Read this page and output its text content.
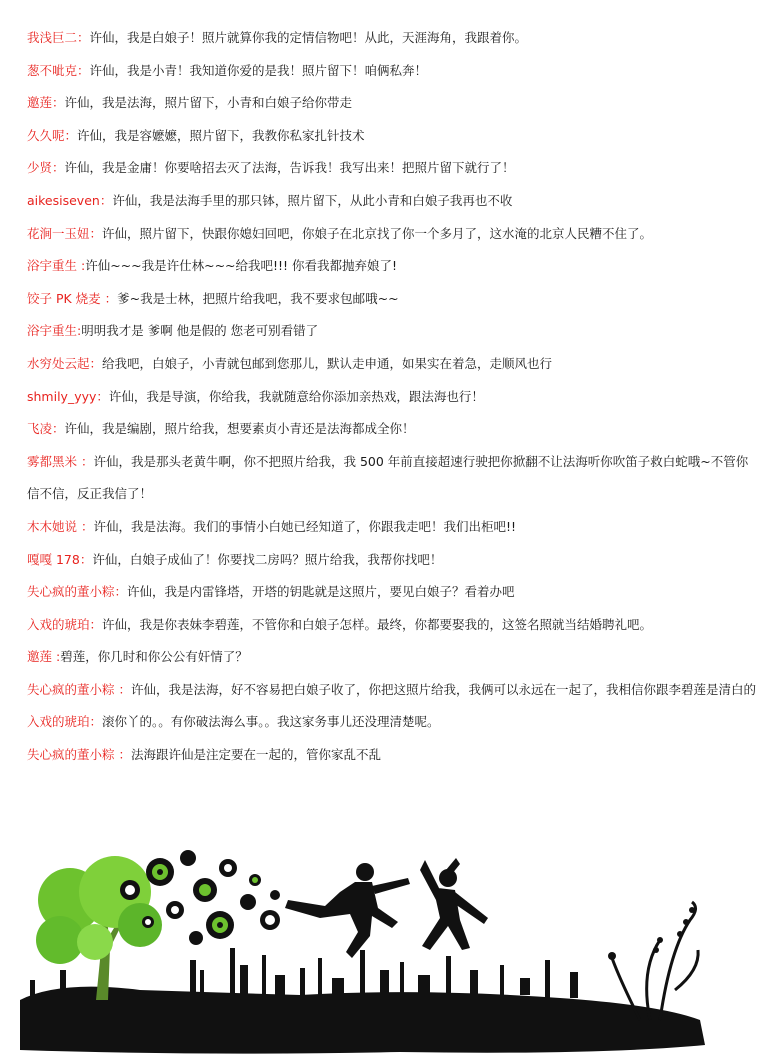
我浅巨二：许仙，我是白娘子！照片就算你我的定情信物吧！从此，天涯海角，我跟着你。
葱不呲克：许仙，我是小青！我知道你爱的是我！照片留下！咱俩私奔！
邀莲：许仙，我是法海，照片留下，小青和白娘子给你带走
久久呢：许仙，我是容嬷嬷，照片留下，我教你私家扎针技术
少贤：许仙，我是金庸！你要啥招去灭了法海，告诉我！我写出来！把照片留下就行了！
aikesiseven：许仙，我是法海手里的那只钵，照片留下，从此小青和白娘子我再也不收
花涧一玉妞：许仙，照片留下，快跟你媳妇回吧，你娘子在北京找了你一个多月了，这水淹的北京人民糟不住了。
浴宇重生 :许仙~~~我是许仕林~~~给我吧!!! 你看我都抛弃娘了!
饺子 PK 烧麦 ：爹~我是士林，把照片给我吧，我不要求包邮哦~~
浴宇重生:明明我才是 爹啊 他是假的 您老可别看错了
水穷处云起：给我吧，白娘子，小青就包邮到您那儿，默认走申通，如果实在着急，走顺风也行
shmily_yyy：许仙，我是导演，你给我，我就随意给你添加亲热戏，跟法海也行！
飞凌：许仙，我是编剧，照片给我，想要素贞小青还是法海都成全你！
雾都黑米 ：许仙，我是那头老黄牛啊，你不把照片给我，我 500 年前直接超速行驶把你掀翻不让法海听你吹笛子救白蛇哦~不管你信不信，反正我信了！
木木她说 ：许仙，我是法海。我们的事情小白她已经知道了，你跟我走吧！我们出柜吧!!
嘎嘎 178：许仙，白娘子成仙了！你要找二房吗？照片给我，我帮你找吧！
失心疯的董小粽：许仙，我是内雷锋塔，开塔的钥匙就是这照片，要见白娘子？看着办吧
入戏的琥珀：许仙，我是你表妹李碧莲，不管你和白娘子怎样。最终，你都要娶我的，这签名照就当结婚聘礼吧。
邀莲 :碧莲，你几时和你公公有奸情了？
失心疯的董小粽 ：许仙，我是法海，好不容易把白娘子收了，你把这照片给我，我俩可以永远在一起了，我相信你跟李碧莲是清白的
入戏的琥珀：滚你丫的。。有你破法海么事。。我这家务事儿还没理清楚呢。
失心疯的董小粽 ：法海跟许仙是注定要在一起的，管你家乱不乱
